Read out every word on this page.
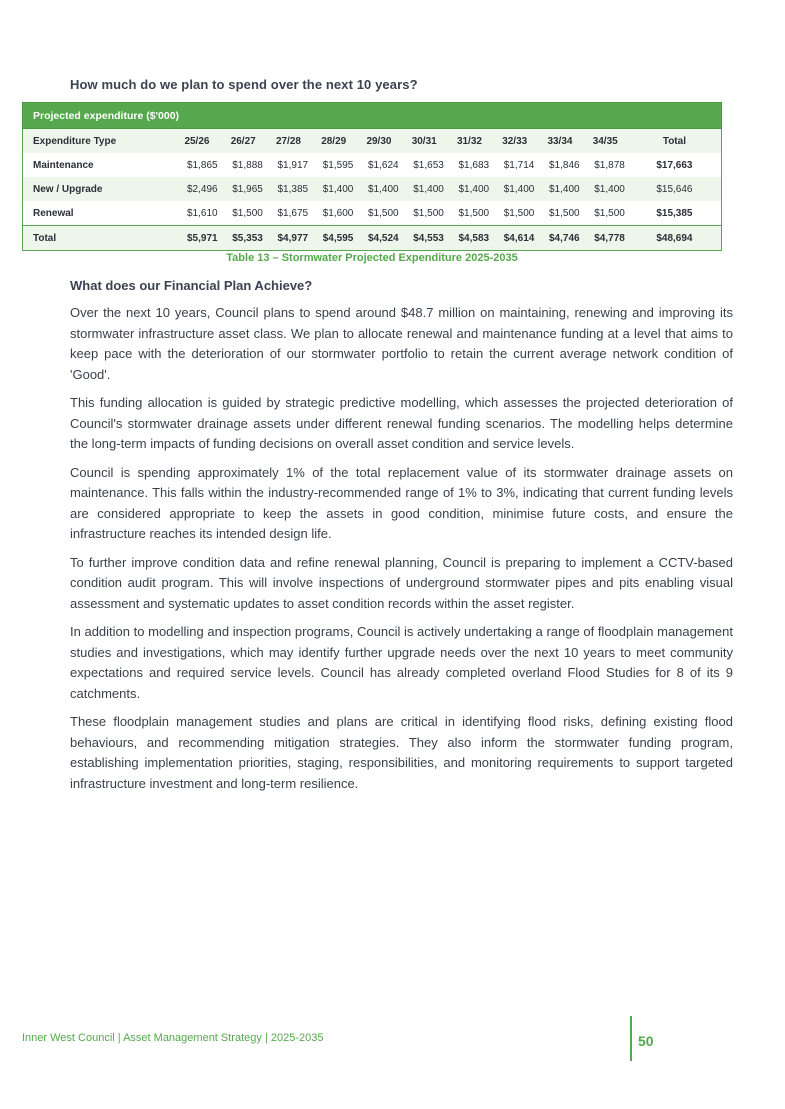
How much do we plan to spend over the next 10 years?
Projected expenditure ($'000)											
Expenditure Type	25/26	26/27	27/28	28/29	29/30	30/31	31/32	32/33	33/34	34/35	Total
Maintenance	$1,865	$1,888	$1,917	$1,595	$1,624	$1,653	$1,683	$1,714	$1,846	$1,878	$17,663
New / Upgrade	$2,496	$1,965	$1,385	$1,400	$1,400	$1,400	$1,400	$1,400	$1,400	$1,400	$15,646
Renewal	$1,610	$1,500	$1,675	$1,600	$1,500	$1,500	$1,500	$1,500	$1,500	$1,500	$15,385
Total	$5,971	$5,353	$4,977	$4,595	$4,524	$4,553	$4,583	$4,614	$4,746	$4,778	$48,694
Table 13 – Stormwater Projected Expenditure 2025-2035
What does our Financial Plan Achieve?

Over the next 10 years, Council plans to spend around $48.7 million on maintaining, renewing and improving its stormwater infrastructure asset class. We plan to allocate renewal and maintenance funding at a level that aims to keep pace with the deterioration of our stormwater portfolio to retain the current average network condition of 'Good'.

This funding allocation is guided by strategic predictive modelling, which assesses the projected deterioration of Council's stormwater drainage assets under different renewal funding scenarios. The modelling helps determine the long-term impacts of funding decisions on overall asset condition and service levels.

Council is spending approximately 1% of the total replacement value of its stormwater drainage assets on maintenance. This falls within the industry-recommended range of 1% to 3%, indicating that current funding levels are considered appropriate to keep the assets in good condition, minimise future costs, and ensure the infrastructure reaches its intended design life.

To further improve condition data and refine renewal planning, Council is preparing to implement a CCTV-based condition audit program. This will involve inspections of underground stormwater pipes and pits enabling visual assessment and systematic updates to asset condition records within the asset register.

In addition to modelling and inspection programs, Council is actively undertaking a range of floodplain management studies and investigations, which may identify further upgrade needs over the next 10 years to meet community expectations and required service levels. Council has already completed overland Flood Studies for 8 of its 9 catchments.

These floodplain management studies and plans are critical in identifying flood risks, defining existing flood behaviours, and recommending mitigation strategies. They also inform the stormwater funding program, establishing implementation priorities, staging, responsibilities, and monitoring requirements to support targeted infrastructure investment and long-term resilience.

Inner West Council | Asset Management Strategy | 2025-2035	50
